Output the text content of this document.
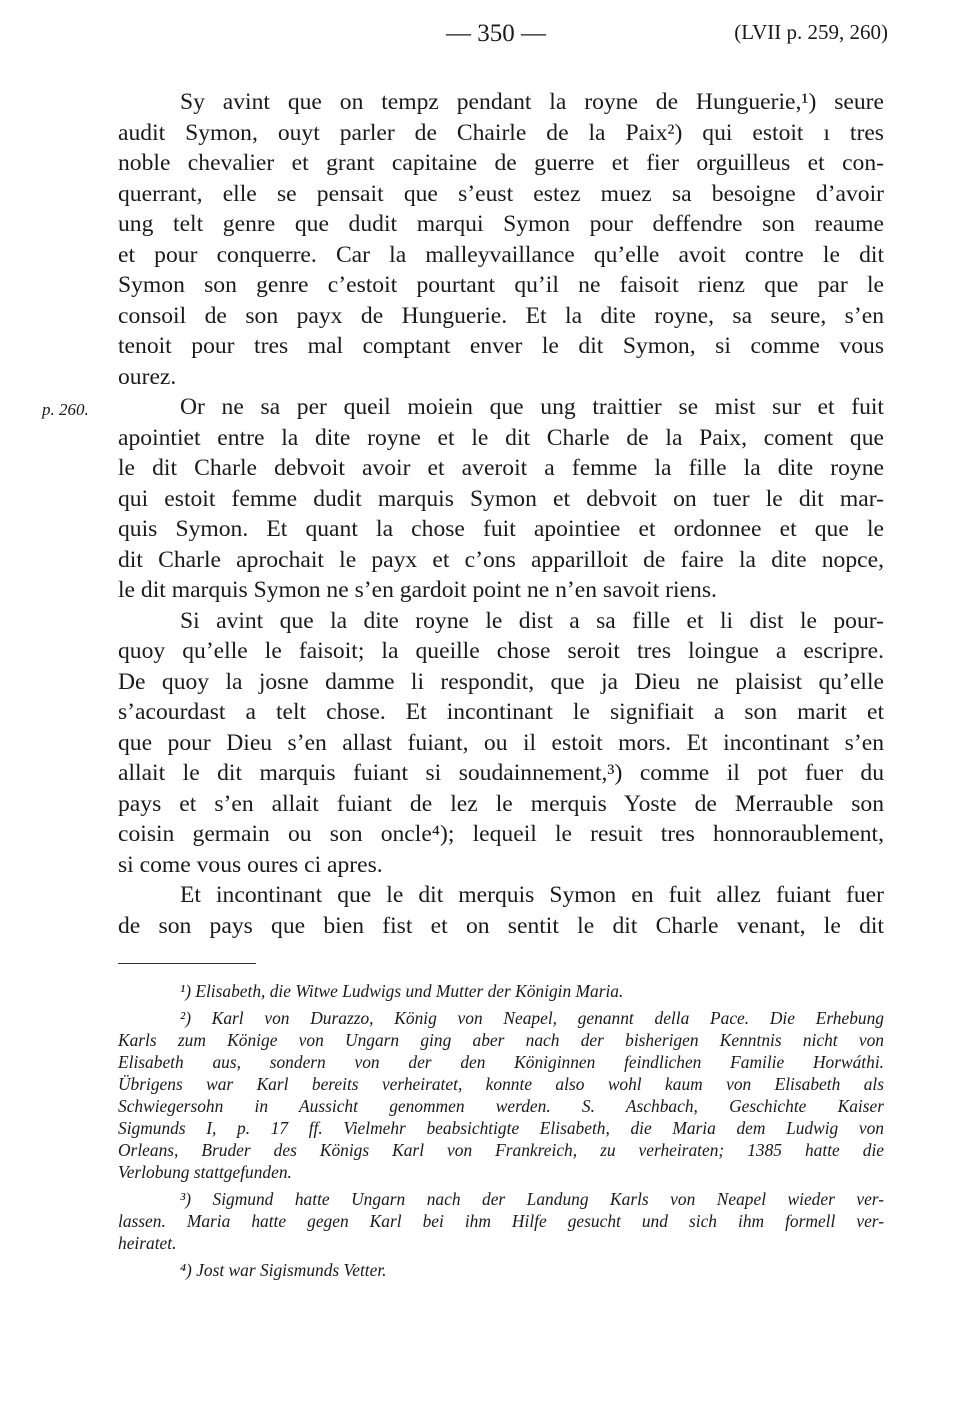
— 350 —	(LVII p. 259, 260)
Sy avint que on tempz pendant la royne de Hunguerie,¹) seure
audit Symon, ouyt parler de Chairle de la Paix²) qui estoit ı tres
noble chevalier et grant capitaine de guerre et fier orguilleus et con-
querrant, elle se pensait que s’eust estez muez sa besoigne d’avoir
ung telt genre que dudit marqui Symon pour deffendre son reaume
et pour conquerre. Car la malleyvaillance qu’elle avoit contre le dit
Symon son genre c’estoit pourtant qu’il ne faisoit rienz que par le
consoil de son payx de Hunguerie. Et la dite royne, sa seure, s’en
tenoit pour tres mal comptant enver le dit Symon, si comme vous
ourez.
p. 260.	Or ne sa per queil moiein que ung traittier se mist sur et fuit
apointiet entre la dite royne et le dit Charle de la Paix, coment que
le dit Charle debvoit avoir et averoit a femme la fille la dite royne
qui estoit femme dudit marquis Symon et debvoit on tuer le dit mar-
quis Symon. Et quant la chose fuit apointiee et ordonnee et que le
dit Charle aprochait le payx et c’ons apparilloit de faire la dite nopce,
le dit marquis Symon ne s’en gardoit point ne n’en savoit riens.
Si avint que la dite royne le dist a sa fille et li dist le pour-
quoy qu’elle le faisoit; la queille chose seroit tres loingue a escripre.
De quoy la josne damme li respondit, que ja Dieu ne plaisist qu’elle
s’acourdast a telt chose. Et incontinant le signifiait a son marit et
que pour Dieu s’en allast fuiant, ou il estoit mors. Et incontinant s’en
allait le dit marquis fuiant si soudainnement,³) comme il pot fuer du
pays et s’en allait fuiant de lez le merquis Yoste de Merrauble son
coisin germain ou son oncle⁴); lequeil le resuit tres honnoraublement,
si come vous oures ci apres.
Et incontinant que le dit merquis Symon en fuit allez fuiant fuer
de son pays que bien fist et on sentit le dit Charle venant, le dit
¹) Elisabeth, die Witwe Ludwigs und Mutter der Königin Maria.
²) Karl von Durazzo, König von Neapel, genannt della Pace. Die Erhebung
Karls zum Könige von Ungarn ging aber nach der bisherigen Kenntnis nicht von
Elisabeth aus, sondern von der den Königinnen feindlichen Familie Horwáthi.
Übrigens war Karl bereits verheiratet, konnte also wohl kaum von Elisabeth als
Schwiegersohn in Aussicht genommen werden. S. Aschbach, Geschichte Kaiser
Sigmunds I, p. 17 ff. Vielmehr beabsichtigte Elisabeth, die Maria dem Ludwig von
Orleans, Bruder des Königs Karl von Frankreich, zu verheiraten; 1385 hatte die
Verlobung stattgefunden.
³) Sigmund hatte Ungarn nach der Landung Karls von Neapel wieder ver-
lassen. Maria hatte gegen Karl bei ihm Hilfe gesucht und sich ihm formell ver-
heiratet.
⁴) Jost war Sigismunds Vetter.
